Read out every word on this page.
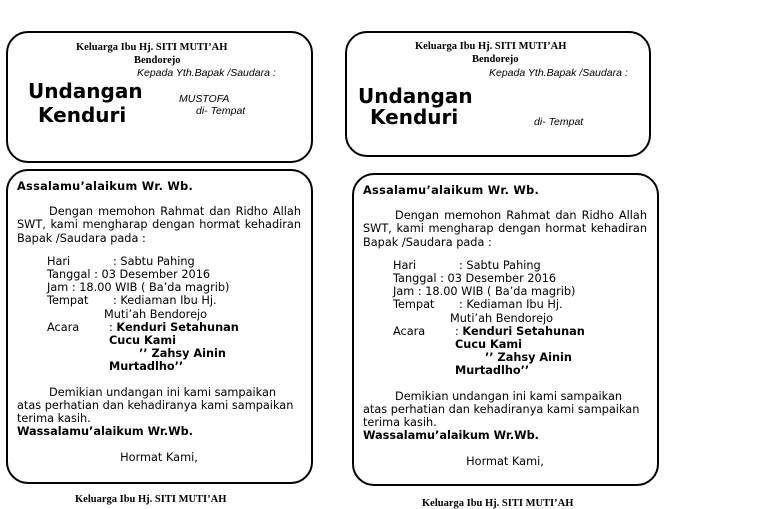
Keluarga Ibu Hj. SITI MUTI’AH
Bendorejo
Kepada Yth.Bapak /Saudara :
Undangan
Kenduri
MUSTOFA
di- Tempat
Keluarga Ibu Hj. SITI MUTI’AH
Bendorejo
Kepada Yth.Bapak /Saudara :
Undangan
Kenduri	di- Tempat

Assalamu’alaikum Wr. Wb.

Dengan memohon Rahmat dan Ridho Allah SWT, kami mengharap dengan hormat kehadiran Bapak /Saudara pada :

Hari	: Sabtu Pahing
Tanggal : 03 Desember 2016
Jam : 18.00 WIB ( Ba’da magrib)
Tempat : Kediaman Ibu Hj.
Muti’ah Bendorejo
Acara	: Kenduri Setahunan
Cucu Kami
’’ Zahsy Ainin
Murtadlho’’

Demikian undangan ini kami sampaikan atas perhatian dan kehadiranya kami sampaikan terima kasih.

Wassalamu’alaikum Wr.Wb.

Hormat Kami,

Assalamu’alaikum Wr. Wb.

Dengan memohon Rahmat dan Ridho Allah SWT, kami mengharap dengan hormat kehadiran Bapak /Saudara pada :

Hari	: Sabtu Pahing
Tanggal : 03 Desember 2016
Jam : 18.00 WIB ( Ba’da magrib)
Tempat : Kediaman Ibu Hj.
Muti’ah Bendorejo
Acara	: Kenduri Setahunan
Cucu Kami
’’ Zahsy Ainin
Murtadlho’’

Demikian undangan ini kami sampaikan atas perhatian dan kehadiranya kami sampaikan terima kasih.

Wassalamu’alaikum Wr.Wb.

Hormat Kami,

Keluarga Ibu Hj. SITI MUTI’AH	Keluarga Ibu Hj. SITI MUTI’AH
